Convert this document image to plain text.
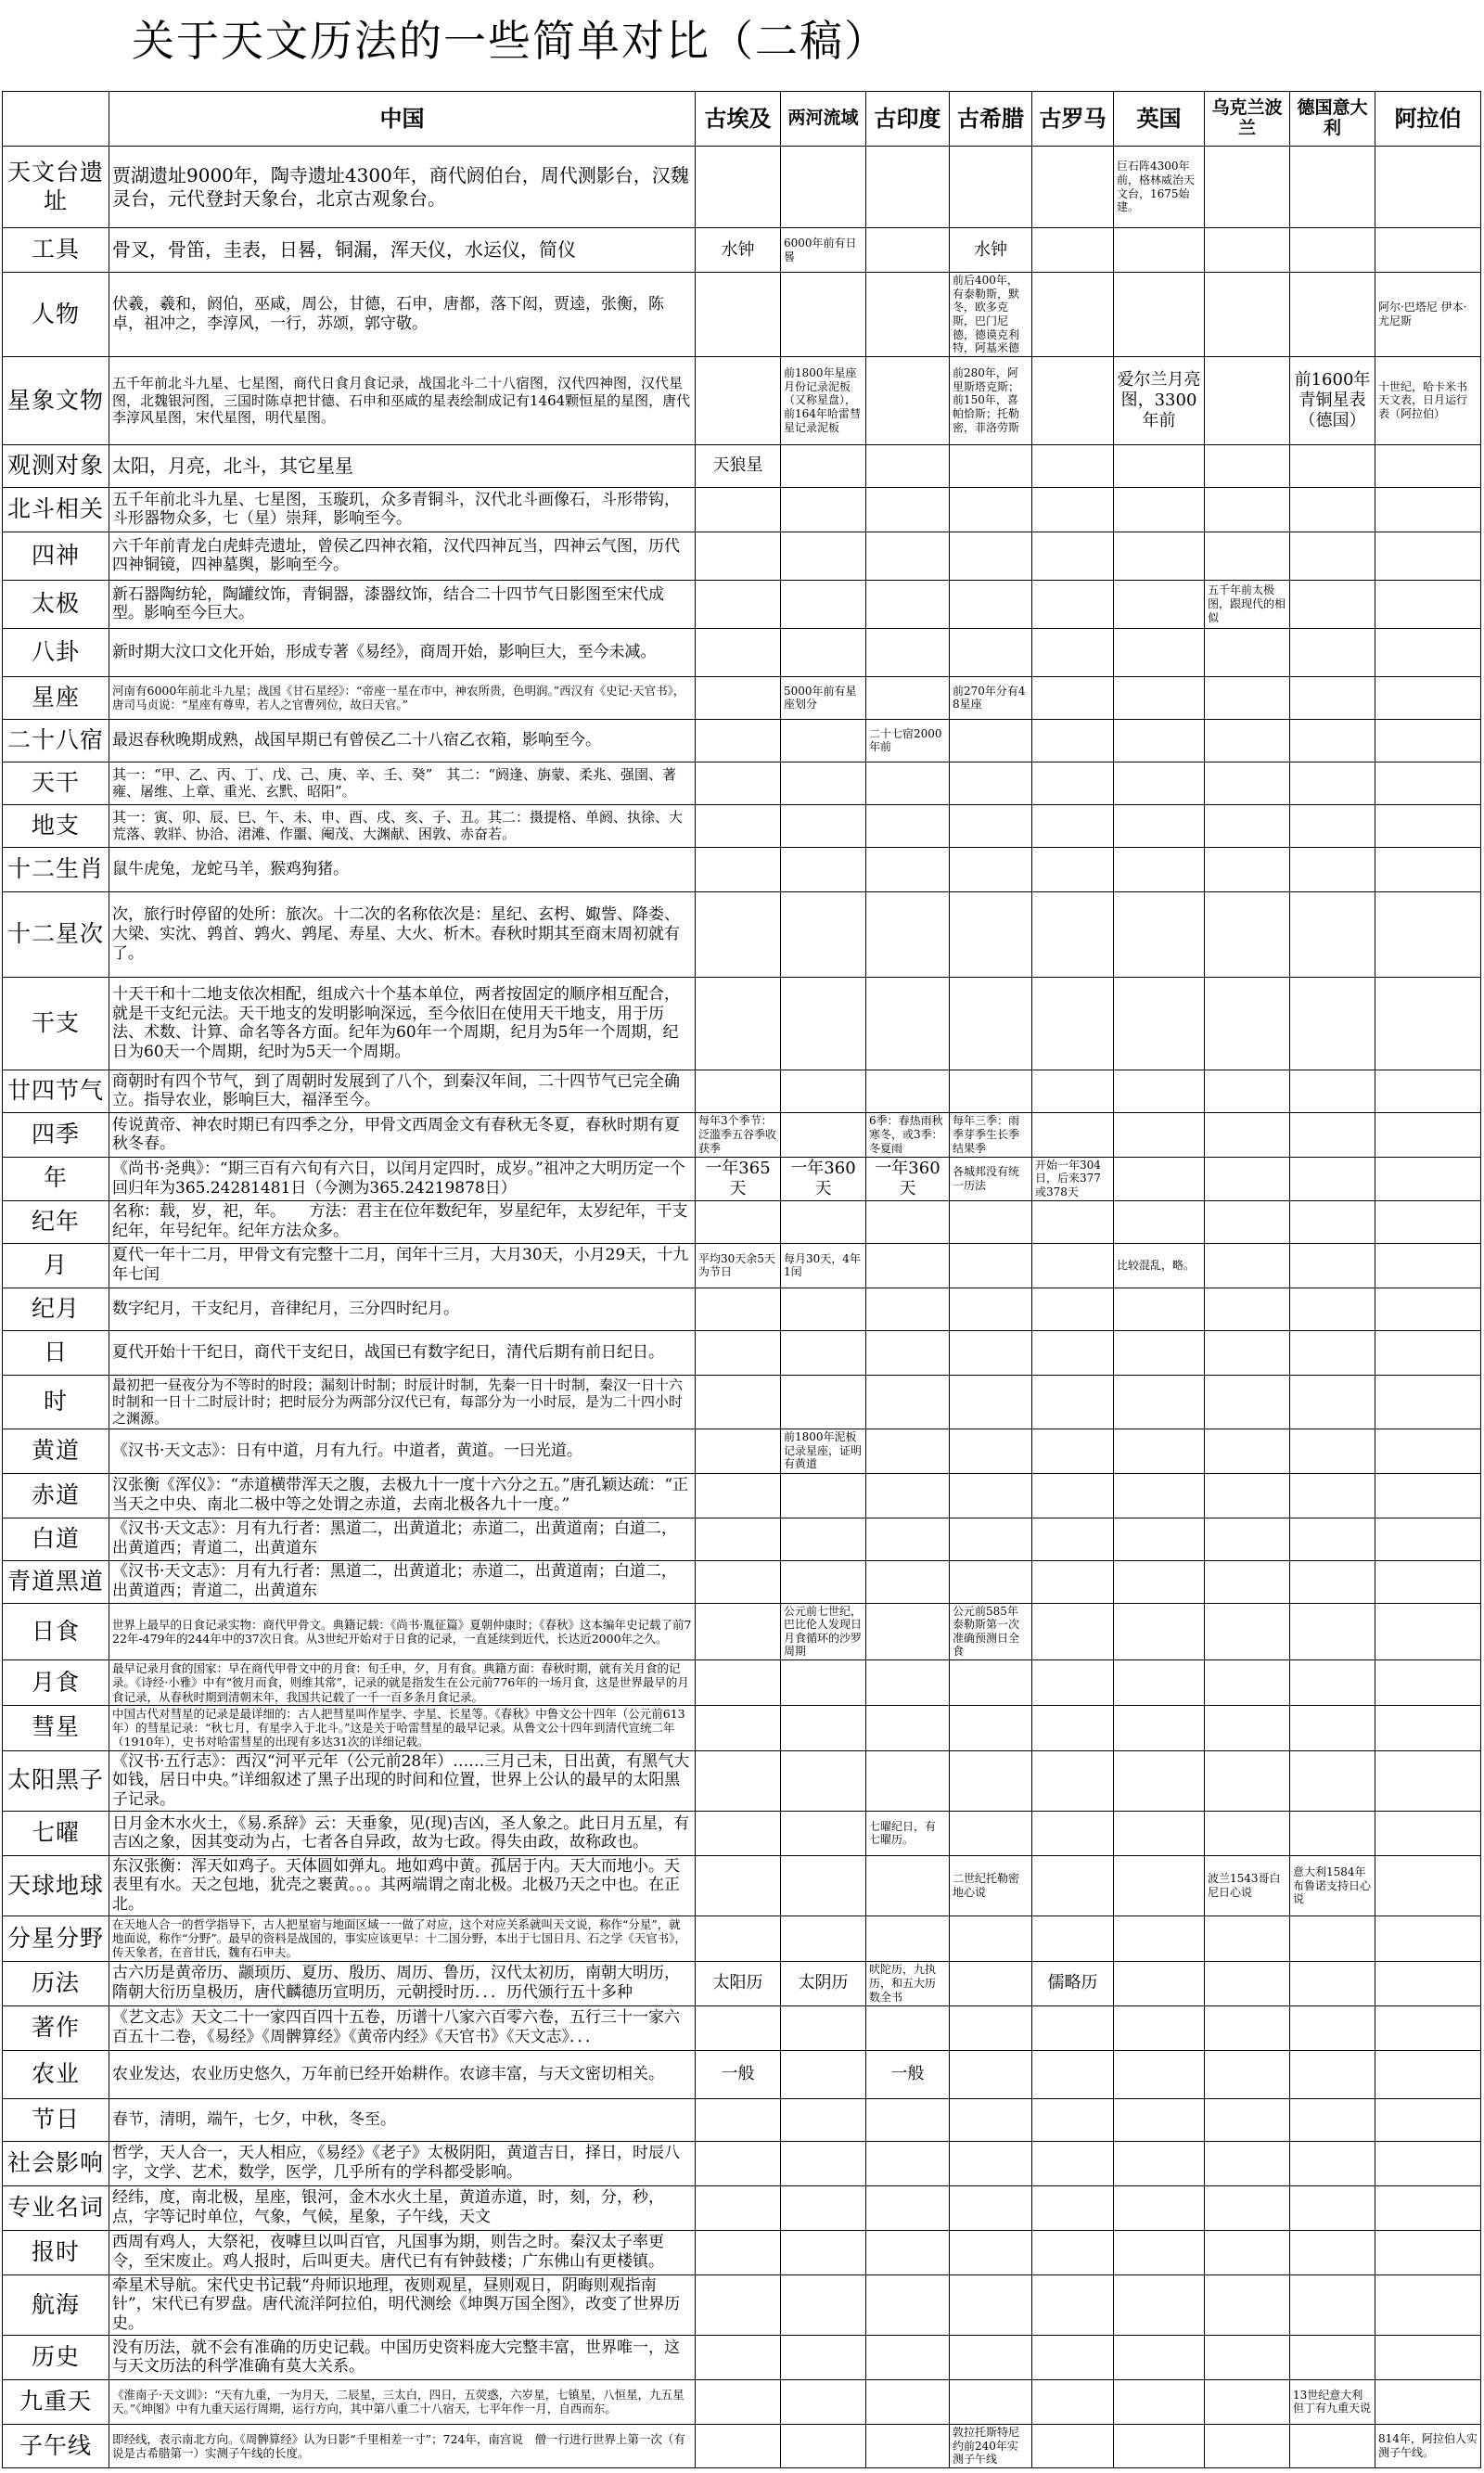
关于天文历法的一些简单对比（二稿）
	中国	古埃及	两河流域	古印度	古希腊	古罗马	英国	乌克兰波兰	德国意大利	阿拉伯
天文台遗址	贾湖遗址9000年，陶寺遗址4300年，商代阏伯台，周代测影台，汉魏灵台，元代登封天象台，北京古观象台。						巨石阵4300年前，格林威治天文台，1675始建。			
工具	骨叉，骨笛，圭表，日晷，铜漏，浑天仪，水运仪，简仪	水钟	6000年前有日晷		水钟					
人物	伏羲，羲和，阏伯，巫咸，周公，甘德，石申，唐都，落下闳，贾逵，张衡，陈卓，祖冲之，李淳风，一行，苏颂，郭守敬。				前后400年，有泰勒斯，默冬，欧多克斯，巴门尼德，德谟克利特，阿基米德					阿尔·巴塔尼 伊本·尤尼斯
星象文物	五千年前北斗九星、七星图，商代日食月食记录，战国北斗二十八宿图，汉代四神图，汉代星图，北魏银河图，三国时陈卓把甘德、石申和巫咸的星表绘制成记有1464颗恒星的星图，唐代李淳风星图，宋代星图，明代星图。		前1800年星座月份记录泥板（又称星盘），前164年哈雷彗星记录泥板		前280年，阿里斯塔克斯；前150年，喜帕恰斯；托勒密，菲洛劳斯		爱尔兰月亮图，3300年前		前1600年青铜星表（德国）	十世纪，哈卡米书天文表，日月运行表（阿拉伯）
观测对象	太阳，月亮，北斗，其它星星	天狼星								
北斗相关	五千年前北斗九星、七星图，玉璇玑，众多青铜斗，汉代北斗画像石，斗形带钩，斗形器物众多，七（星）崇拜，影响至今。									
四神	六千年前青龙白虎蚌壳遗址，曾侯乙四神衣箱，汉代四神瓦当，四神云气图，历代四神铜镜，四神墓舆，影响至今。									
太极	新石器陶纺轮，陶罐纹饰，青铜器，漆器纹饰，结合二十四节气日影图至宋代成型。影响至今巨大。							五千年前太极图，跟现代的相似		
八卦	新时期大汶口文化开始，形成专著《易经》，商周开始，影响巨大，至今未减。									
星座	河南有6000年前北斗九星；战国《甘石星经》：“帝座一星在市中，神农所贵，色明润。”西汉有《史记·天官书》，唐司马贞说：“星座有尊卑，若人之官曹列位，故曰天官。”		5000年前有星座划分		前270年分有48星座					
二十八宿	最迟春秋晚期成熟，战国早期已有曾侯乙二十八宿乙衣箱，影响至今。			二十七宿2000年前						
天干	其一：“甲、乙、丙、丁、戊、己、庚、辛、壬、癸”　其二：“阏逢、旃蒙、柔兆、强圉、著雍、屠维、上章、重光、玄黓、昭阳”。									
地支	其一：寅、卯、辰、巳、午、未、申、酉、戌、亥、子、丑。其二：摄提格、单阏、执徐、大荒落、敦牂、协洽、涒滩、作噩、阉茂、大渊献、困敦、赤奋若。									
十二生肖	鼠牛虎兔，龙蛇马羊，猴鸡狗猪。									
十二星次	次，旅行时停留的处所：旅次。十二次的名称依次是：星纪、玄枵、娵訾、降娄、大梁、实沈、鹑首、鹑火、鹑尾、寿星、大火、析木。春秋时期其至商末周初就有了。									
干支	十天干和十二地支依次相配，组成六十个基本单位，两者按固定的顺序相互配合，就是干支纪元法。天干地支的发明影响深远，至今依旧在使用天干地支，用于历法、术数、计算、命名等各方面。纪年为60年一个周期，纪月为5年一个周期，纪日为60天一个周期，纪时为5天一个周期。									
廿四节气	商朝时有四个节气，到了周朝时发展到了八个，到秦汉年间，二十四节气已完全确立。指导农业，影响巨大，福泽至今。									
四季	传说黄帝、神农时期已有四季之分，甲骨文西周金文有春秋无冬夏，春秋时期有夏秋冬春。	每年3个季节：泛滥季五谷季收获季		6季：春热雨秋寒冬，或3季：冬夏雨	每年三季：雨季芽季生长季结果季					
年	《尚书·尧典》：“期三百有六旬有六日，以闰月定四时，成岁。”祖冲之大明历定一个回归年为365.24281481日（今测为365.24219878日）	一年365天	一年360天	一年360天	各城邦没有统一历法	开始一年304日，后来377或378天				
纪年	名称：载，岁，祀，年。　　方法：君主在位年数纪年，岁星纪年，太岁纪年，干支纪年，年号纪年。纪年方法众多。									
月	夏代一年十二月，甲骨文有完整十二月，闰年十三月，大月30天，小月29天，十九年七闰	平均30天余5天为节日	每月30天，4年1闰				比较混乱，略。			
纪月	数字纪月，干支纪月，音律纪月，三分四时纪月。									
日	夏代开始十干纪日，商代干支纪日，战国已有数字纪日，清代后期有前日纪日。									
时	最初把一昼夜分为不等时的时段；漏刻计时制；时辰计时制，先秦一日十时制，秦汉一日十六时制和一日十二时辰计时；把时辰分为两部分汉代已有，每部分为一小时辰，是为二十四小时之渊源。									
黄道	《汉书·天文志》：日有中道，月有九行。中道者，黄道。一曰光道。		前1800年泥板记录星座，证明有黄道							
赤道	汉张衡《浑仪》：“赤道横带浑天之腹，去极九十一度十六分之五。”唐孔颖达疏：“正当天之中央、南北二极中等之处谓之赤道，去南北极各九十一度。”									
白道	《汉书·天文志》：月有九行者：黑道二，出黄道北；赤道二，出黄道南；白道二，出黄道西；青道二，出黄道东									
青道黑道	《汉书·天文志》：月有九行者：黑道二，出黄道北；赤道二，出黄道南；白道二，出黄道西；青道二，出黄道东									
日食	世界上最早的日食记录实物：商代甲骨文。典籍记载：《尚书·胤征篇》夏朝仲康时；《春秋》这本编年史记载了前722年-479年的244年中的37次日食。从3世纪开始对于日食的记录，一直延续到近代，长达近2000年之久。		公元前七世纪，巴比伦人发现日月食循环的沙罗周期		公元前585年泰勒斯第一次准确预测日全食					
月食	最早记录月食的国家：早在商代甲骨文中的月食：旬壬申，夕，月有食。典籍方面：春秋时期，就有关月食的记录。《诗经·小雅》中有“彼月而食，则维其常”，记录的就是指发生在公元前776年的一场月食，这是世界最早的月食记录，从春秋时期到清朝末年，我国共记载了一千一百多条月食记录。									
彗星	中国古代对彗星的记录是最详细的：古人把彗星叫作星孛、孛星、长星等。《春秋》中鲁文公十四年（公元前613年）的彗星记录：“秋七月，有星孛入于北斗。”这是关于哈雷彗星的最早记录。从鲁文公十四年到清代宣统二年（1910年），史书对哈雷彗星的出现有多达31次的详细记载。									
太阳黑子	《汉书·五行志》：西汉“河平元年（公元前28年）……三月己未，日出黄，有黑气大如钱，居日中央。”详细叙述了黑子出现的时间和位置，世界上公认的最早的太阳黑子记录。									
七曜	日月金木水火土，《易.系辞》云：天垂象，见(现)吉凶，圣人象之。此日月五星，有吉凶之象，因其变动为占，七者各自异政，故为七政。得失由政，故称政也。			七曜纪日，有七曜历。						
天球地球	东汉张衡：浑天如鸡子。天体圆如弹丸。地如鸡中黄。孤居于内。天大而地小。天表里有水。天之包地，犹壳之裹黄。。。其两端谓之南北极。北极乃天之中也。在正北。				二世纪托勒密地心说			波兰1543哥白尼日心说	意大利1584年布鲁诺支持日心说	
分星分野	在天地人合一的哲学指导下，古人把星宿与地面区域一一做了对应，这个对应关系就叫天文说，称作“分星”，就地面说，称作“分野”。最早的资料是战国的，事实应该更早：十二国分野，本出于七国日月、石之学《天官书》，传天象者，在音甘氏，魏有石申夫。									
历法	古六历是黄帝历、颛顼历、夏历、殷历、周历、鲁历，汉代太初历，南朝大明历，隋朝大衍历皇极历，唐代麟德历宣明历，元朝授时历．．．历代颁行五十多种	太阳历	太阴历	吠陀历，九执历，和五大历数全书		儒略历				
著作	《艺文志》天文二十一家四百四十五卷，历谱十八家六百零六卷，五行三十一家六百五十二卷，《易经》《周髀算经》《黄帝内经》《天官书》《天文志》．．．									
农业	农业发达，农业历史悠久，万年前已经开始耕作。农谚丰富，与天文密切相关。	一般		一般						
节日	春节，清明，端午，七夕，中秋，冬至。									
社会影响	哲学，天人合一，天人相应，《易经》《老子》太极阴阳，黄道吉日，择日，时辰八字，文学、艺术，数学，医学，几乎所有的学科都受影响。									
专业名词	经纬，度，南北极，星座，银河，金木水火土星，黄道赤道，时，刻，分，秒，点，字等记时单位，气象，气候，星象，子午线，天文									
报时	西周有鸡人，大祭祀，夜嘑旦以叫百官，凡国事为期，则告之时。秦汉太子率更令，至宋废止。鸡人报时，后叫更夫。唐代已有有钟鼓楼；广东佛山有更楼镇。									
航海	牵星术导航。宋代史书记载“舟师识地理，夜则观星，昼则观日，阴晦则观指南针”，宋代已有罗盘。唐代流洋阿拉伯，明代测绘《坤舆万国全图》，改变了世界历史。									
历史	没有历法，就不会有准确的历史记载。中国历史资料庞大完整丰富，世界唯一，这与天文历法的科学准确有莫大关系。									
九重天	《淮南子·天文训》：“天有九重，一为月天，二辰星，三太白，四日，五荧惑，六岁星，七镇星，八恒星，九五星天。”《坤图》中有九重天运行周期，运行方向，其中第八重二十八宿天，七平年作一月，自西而东。								13世纪意大利但丁有九重天说	
子午线	即经线，表示南北方向。《周髀算经》认为日影“千里相差一寸”；724年，南宫说　僧一行进行世界上第一次（有说是古希腊第一）实测子午线的长度。				敦拉托斯特尼约前240年实测子午线					814年，阿拉伯人实测子午线。
